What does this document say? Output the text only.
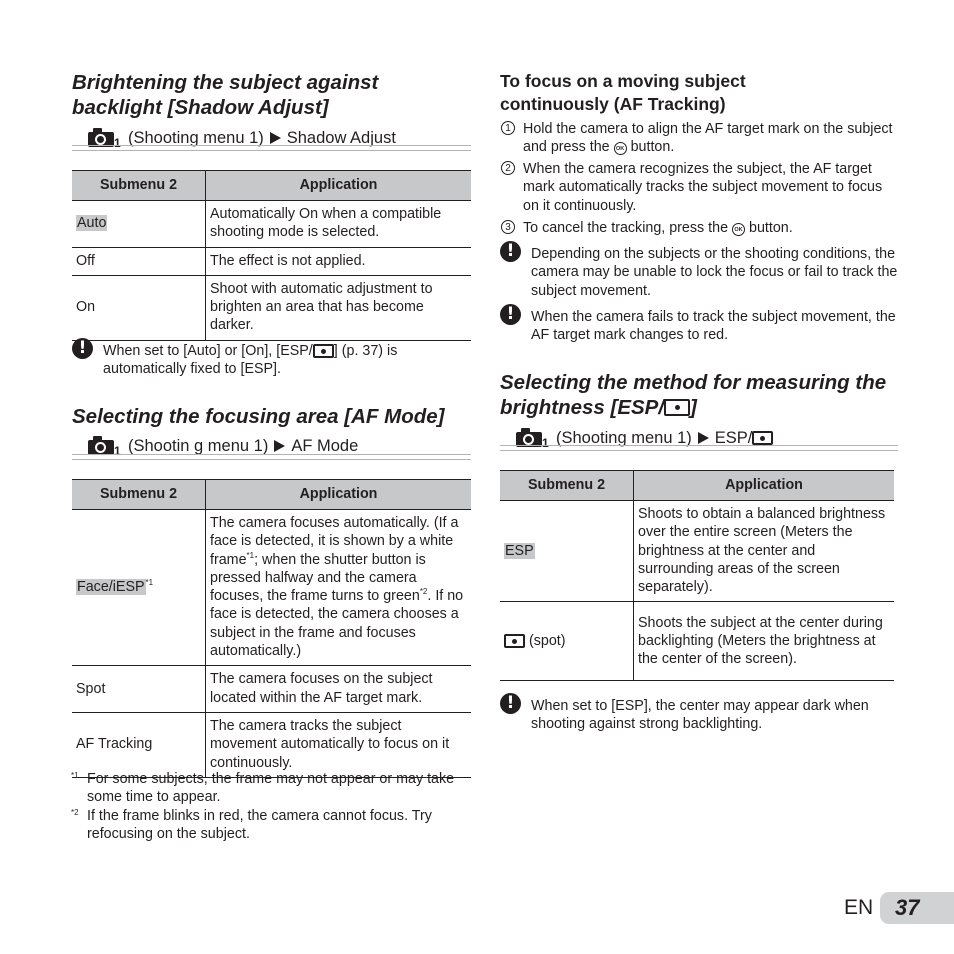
Brightening the subject against
backlight [Shadow Adjust]
1 (Shooting menu 1) Shadow Adjust
Submenu 2	Application
Auto	Automatically On when a compatible shooting mode is selected.
Off	The effect is not applied.
On	Shoot with automatic adjustment to brighten an area that has become darker.
!	When set to [Auto] or [On], [ESP/ ] (p. 37) is automatically fixed to [ESP].
Selecting the focusing area [AF Mode]
1 (Shootin g menu 1) AF Mode
Submenu 2	Application
Face/iESP$^{*1}$	The camera focuses automatically. (If a face is detected, it is shown by a white frame$^{*1}$; when the shutter button is pressed halfway and the camera focuses, the frame turns to green$^{*2}$. If no face is detected, the camera chooses a subject in the frame and focuses automatically.)
Spot	The camera focuses on the subject located within the AF target mark.
AF Tracking	The camera tracks the subject movement automatically to focus on it continuously.
*1 For some subjects, the frame may not appear or may take some time to appear.
*2 If the frame blinks in red, the camera cannot focus. Try refocusing on the subject.
To focus on a moving subject
continuously (AF Tracking)
1 Hold the camera to align the AF target mark on the subject and press the OK button.
2 When the camera recognizes the subject, the AF target mark automatically tracks the subject movement to focus on it continuously.
3 To cancel the tracking, press the OK button.
!	Depending on the subjects or the shooting conditions, the camera may be unable to lock the focus or fail to track the subject movement.
!	When the camera fails to track the subject movement, the AF target mark changes to red.
Selecting the method for measuring the
brightness [ESP/ ]
1 (Shooting menu 1) ESP/
Submenu 2	Application
ESP	Shoots to obtain a balanced brightness over the entire screen (Meters the brightness at the center and surrounding areas of the screen separately).
(spot)	Shoots the subject at the center during backlighting (Meters the brightness at the center of the screen).
!	When set to [ESP], the center may appear dark when shooting against strong backlighting.
EN 37
